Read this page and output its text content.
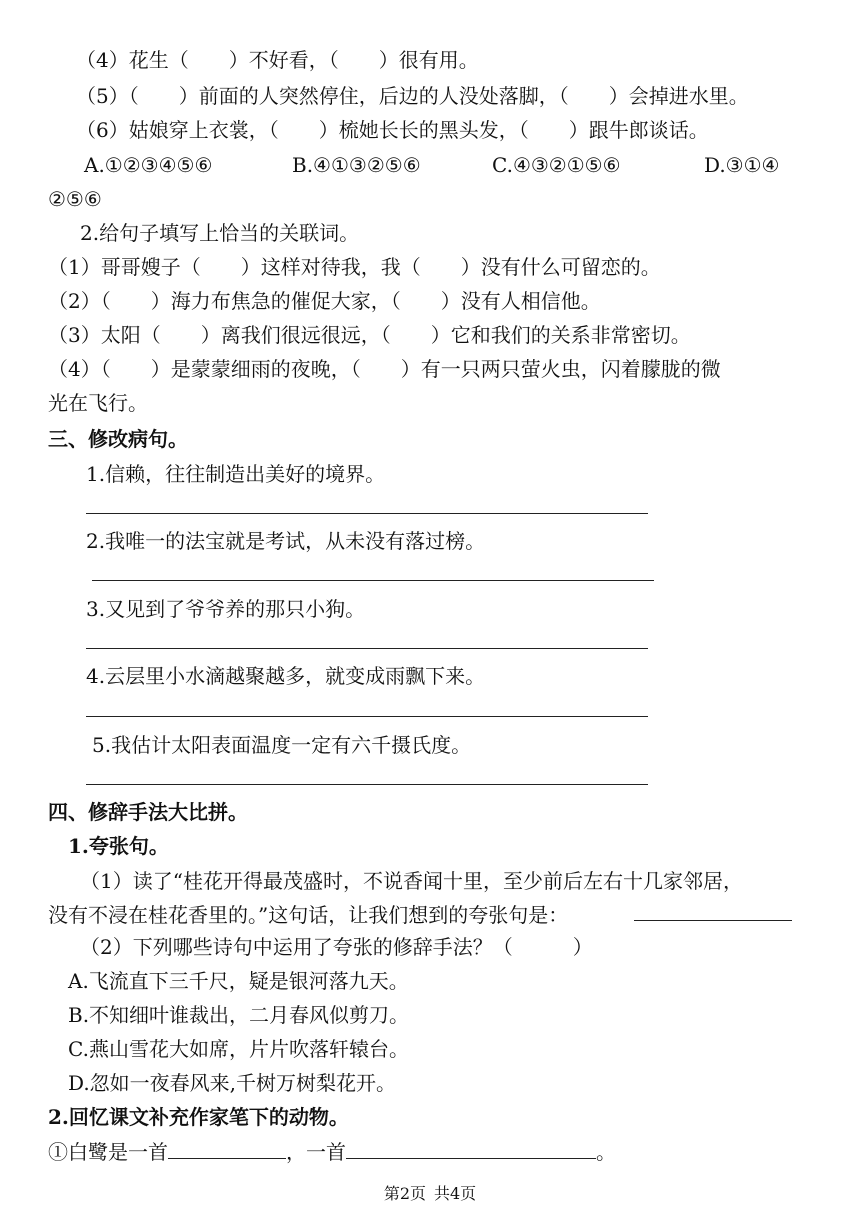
（4）花生（　　）不好看，（　　）很有用。
（5）（　　）前面的人突然停住，后边的人没处落脚，（　　）会掉进水里。
（6）姑娘穿上衣裳，（　　）梳她长长的黑头发，（　　）跟牛郎谈话。
A.①②③④⑤⑥	B.④①③②⑤⑥	C.④③②①⑤⑥	D.③①④
②⑤⑥
2.给句子填写上恰当的关联词。
（1）哥哥嫂子（　　）这样对待我，我（　　）没有什么可留恋的。
（2）（　　）海力布焦急的催促大家，（　　）没有人相信他。
（3）太阳（　　）离我们很远很远，（　　）它和我们的关系非常密切。
（4）（　　）是蒙蒙细雨的夜晚，（　　）有一只两只萤火虫，闪着朦胧的微
光在飞行。
三、修改病句。
1.信赖，往往制造出美好的境界。
2.我唯一的法宝就是考试，从未没有落过榜。
3.又见到了爷爷养的那只小狗。
4.云层里小水滴越聚越多，就变成雨飘下来。
5.我估计太阳表面温度一定有六千摄氏度。
四、修辞手法大比拼。
1.夸张句。
（1）读了“桂花开得最茂盛时，不说香闻十里，至少前后左右十几家邻居，
没有不浸在桂花香里的。”这句话，让我们想到的夸张句是：
（2）下列哪些诗句中运用了夸张的修辞手法？（　　　）
A.飞流直下三千尺，疑是银河落九天。
B.不知细叶谁裁出，二月春风似剪刀。
C.燕山雪花大如席，片片吹落轩辕台。
D.忽如一夜春风来,千树万树梨花开。
2.回忆课文补充作家笔下的动物。
①白鹭是一首	，一首	。
第2页 共4页
